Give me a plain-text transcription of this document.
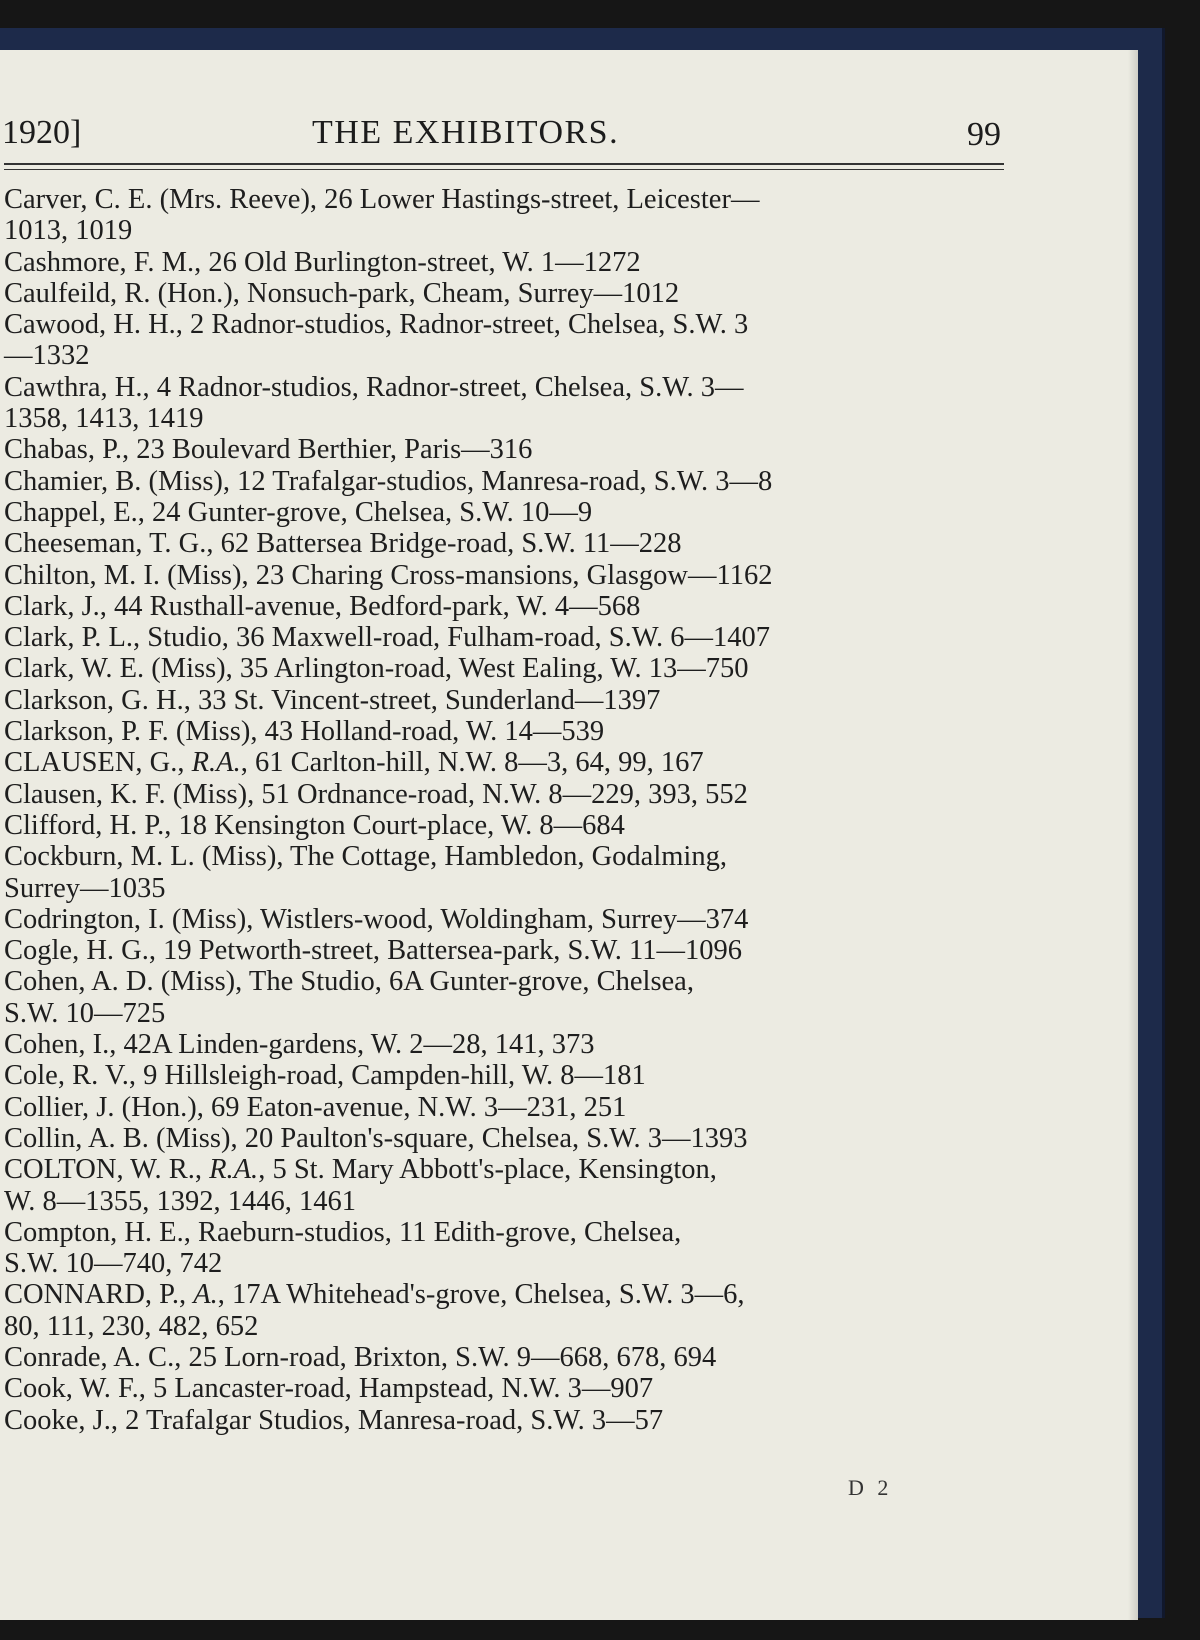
1920]	THE EXHIBITORS.	99
Carver, C. E. (Mrs. Reeve), 26 Lower Hastings-street, Leicester—
1013, 1019
Cashmore, F. M., 26 Old Burlington-street, W. 1—1272
Caulfeild, R. (Hon.), Nonsuch-park, Cheam, Surrey—1012
Cawood, H. H., 2 Radnor-studios, Radnor-street, Chelsea, S.W. 3
—1332
Cawthra, H., 4 Radnor-studios, Radnor-street, Chelsea, S.W. 3—
1358, 1413, 1419
Chabas, P., 23 Boulevard Berthier, Paris—316
Chamier, B. (Miss), 12 Trafalgar-studios, Manresa-road, S.W. 3—8
Chappel, E., 24 Gunter-grove, Chelsea, S.W. 10—9
Cheeseman, T. G., 62 Battersea Bridge-road, S.W. 11—228
Chilton, M. I. (Miss), 23 Charing Cross-mansions, Glasgow—1162
Clark, J., 44 Rusthall-avenue, Bedford-park, W. 4—568
Clark, P. L., Studio, 36 Maxwell-road, Fulham-road, S.W. 6—1407
Clark, W. E. (Miss), 35 Arlington-road, West Ealing, W. 13—750
Clarkson, G. H., 33 St. Vincent-street, Sunderland—1397
Clarkson, P. F. (Miss), 43 Holland-road, W. 14—539
CLAUSEN, G., R.A., 61 Carlton-hill, N.W. 8—3, 64, 99, 167
Clausen, K. F. (Miss), 51 Ordnance-road, N.W. 8—229, 393, 552
Clifford, H. P., 18 Kensington Court-place, W. 8—684
Cockburn, M. L. (Miss), The Cottage, Hambledon, Godalming,
Surrey—1035
Codrington, I. (Miss), Wistlers-wood, Woldingham, Surrey—374
Cogle, H. G., 19 Petworth-street, Battersea-park, S.W. 11—1096
Cohen, A. D. (Miss), The Studio, 6A Gunter-grove, Chelsea,
S.W. 10—725
Cohen, I., 42A Linden-gardens, W. 2—28, 141, 373
Cole, R. V., 9 Hillsleigh-road, Campden-hill, W. 8—181
Collier, J. (Hon.), 69 Eaton-avenue, N.W. 3—231, 251
Collin, A. B. (Miss), 20 Paulton's-square, Chelsea, S.W. 3—1393
COLTON, W. R., R.A., 5 St. Mary Abbott's-place, Kensington,
W. 8—1355, 1392, 1446, 1461
Compton, H. E., Raeburn-studios, 11 Edith-grove, Chelsea,
S.W. 10—740, 742
CONNARD, P., A., 17A Whitehead's-grove, Chelsea, S.W. 3—6,
80, 111, 230, 482, 652
Conrade, A. C., 25 Lorn-road, Brixton, S.W. 9—668, 678, 694
Cook, W. F., 5 Lancaster-road, Hampstead, N.W. 3—907
Cooke, J., 2 Trafalgar Studios, Manresa-road, S.W. 3—57
D 2
